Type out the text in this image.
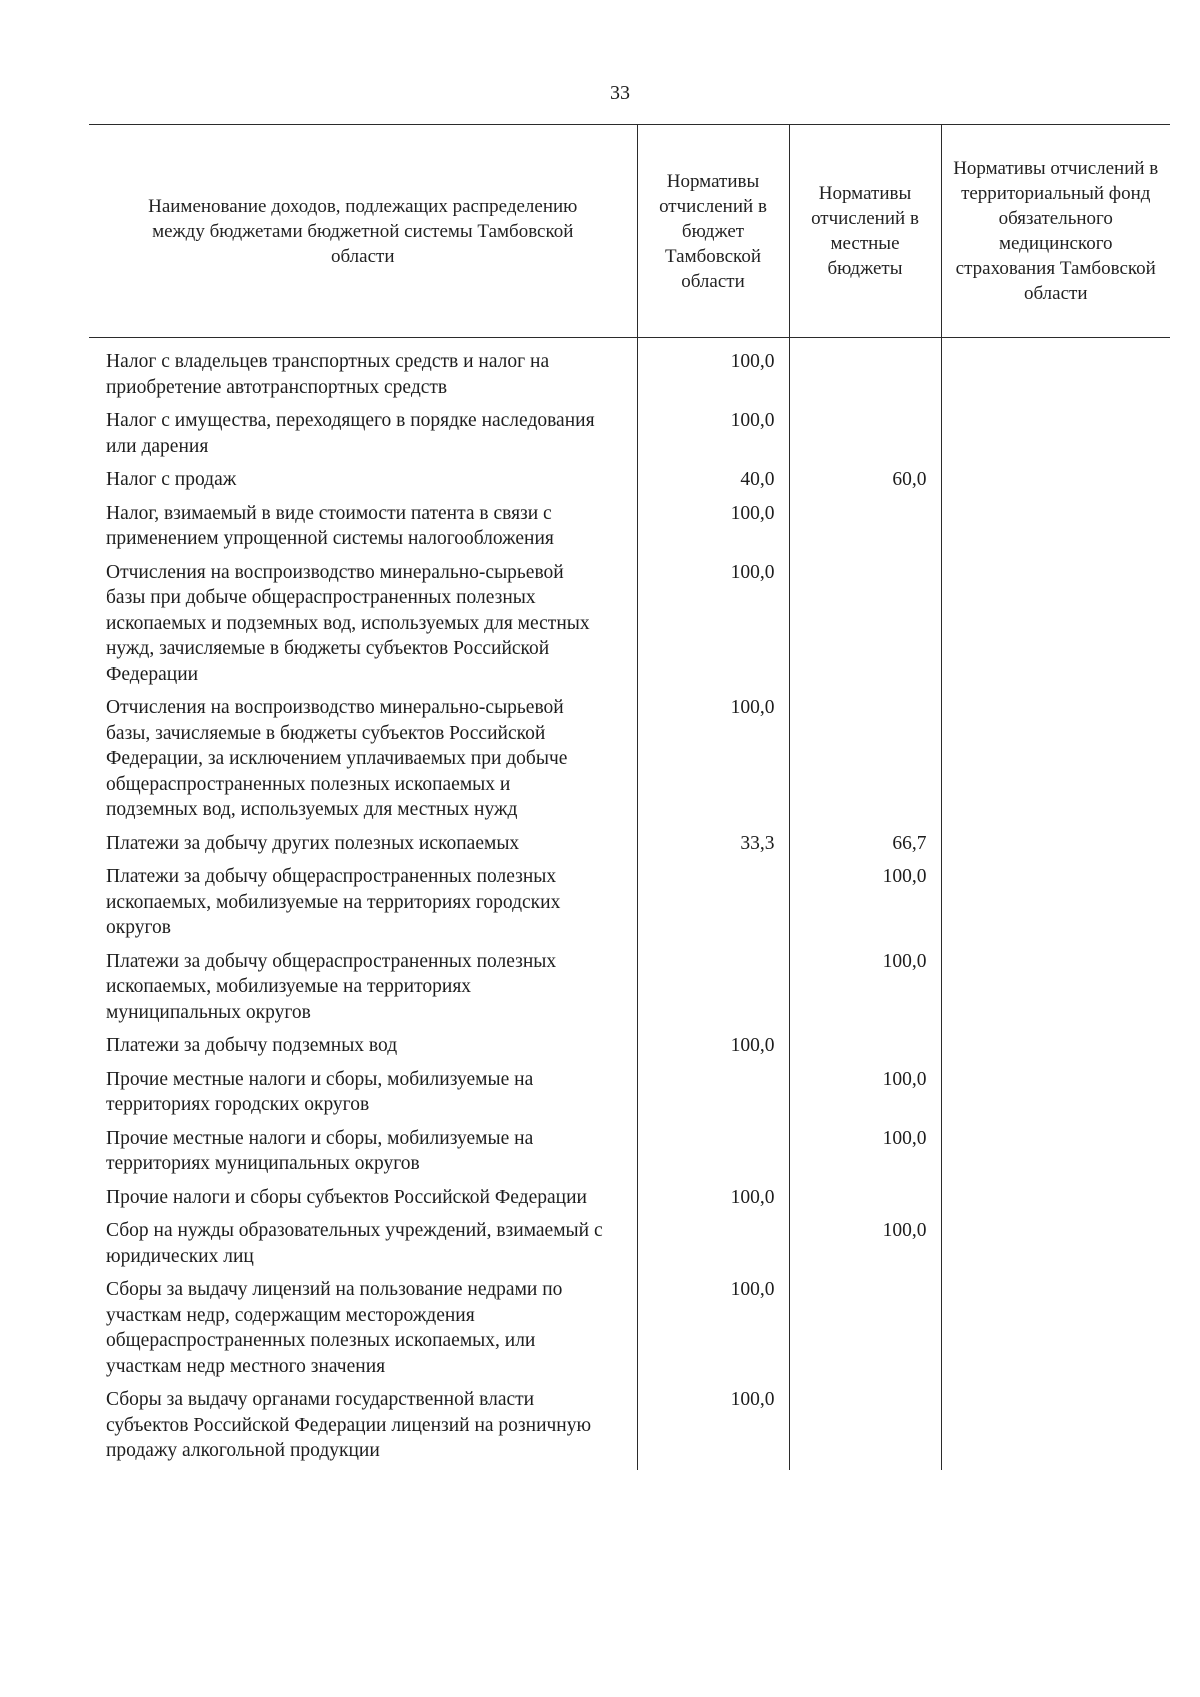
33
Наименование доходов, подлежащих распределению между бюджетами бюджетной системы Тамбовской области	Нормативы отчислений в бюджет Тамбовской области	Нормативы отчислений в местные бюджеты	Нормативы отчислений в территориальный фонд обязательного медицинского страхования Тамбовской области
Налог с владельцев транспортных средств и налог на приобретение автотранспортных средств	100,0		
Налог с имущества, переходящего в порядке наследования или дарения	100,0		
Налог с продаж	40,0	60,0	
Налог, взимаемый в виде стоимости патента в связи с применением упрощенной системы налогообложения	100,0		
Отчисления на воспроизводство минерально-сырьевой базы при добыче общераспространенных полезных ископаемых и подземных вод, используемых для местных нужд, зачисляемые в бюджеты субъектов Российской Федерации	100,0		
Отчисления на воспроизводство минерально-сырьевой базы, зачисляемые в бюджеты субъектов Российской Федерации, за исключением уплачиваемых при добыче общераспространенных полезных ископаемых и подземных вод, используемых для местных нужд	100,0		
Платежи за добычу других полезных ископаемых	33,3	66,7	
Платежи за добычу общераспространенных полезных ископаемых, мобилизуемые на территориях городских округов		100,0	
Платежи за добычу общераспространенных полезных ископаемых, мобилизуемые на территориях муниципальных округов		100,0	
Платежи за добычу подземных вод	100,0		
Прочие местные налоги и сборы, мобилизуемые на территориях городских округов		100,0	
Прочие местные налоги и сборы, мобилизуемые на территориях муниципальных округов		100,0	
Прочие налоги и сборы субъектов Российской Федерации	100,0		
Сбор на нужды образовательных учреждений, взимаемый с юридических лиц		100,0	
Сборы за выдачу лицензий на пользование недрами по участкам недр, содержащим месторождения общераспространенных полезных ископаемых, или участкам недр местного значения	100,0		
Сборы за выдачу органами государственной власти субъектов Российской Федерации лицензий на розничную продажу алкогольной продукции	100,0		
